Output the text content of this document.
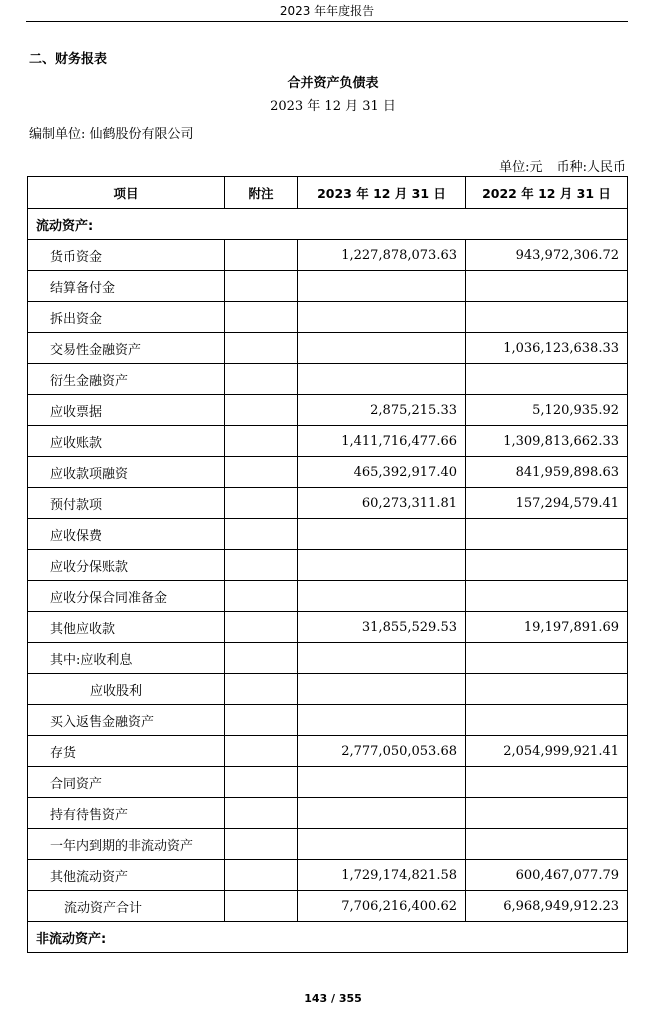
2023 年年度报告
二、财务报表
合并资产负债表
2023 年 12 月 31 日
编制单位: 仙鹤股份有限公司
单位:元 币种:人民币
项目	附注	2023 年 12 月 31 日	2022 年 12 月 31 日
流动资产:			
货币资金		1,227,878,073.63	943,972,306.72
结算备付金			
拆出资金			
交易性金融资产			1,036,123,638.33
衍生金融资产			
应收票据		2,875,215.33	5,120,935.92
应收账款		1,411,716,477.66	1,309,813,662.33
应收款项融资		465,392,917.40	841,959,898.63
预付款项		60,273,311.81	157,294,579.41
应收保费			
应收分保账款			
应收分保合同准备金			
其他应收款		31,855,529.53	19,197,891.69
其中:应收利息			
应收股利			
买入返售金融资产			
存货		2,777,050,053.68	2,054,999,921.41
合同资产			
持有待售资产			
一年内到期的非流动资产			
其他流动资产		1,729,174,821.58	600,467,077.79
流动资产合计		7,706,216,400.62	6,968,949,912.23
非流动资产:			
143 / 355
